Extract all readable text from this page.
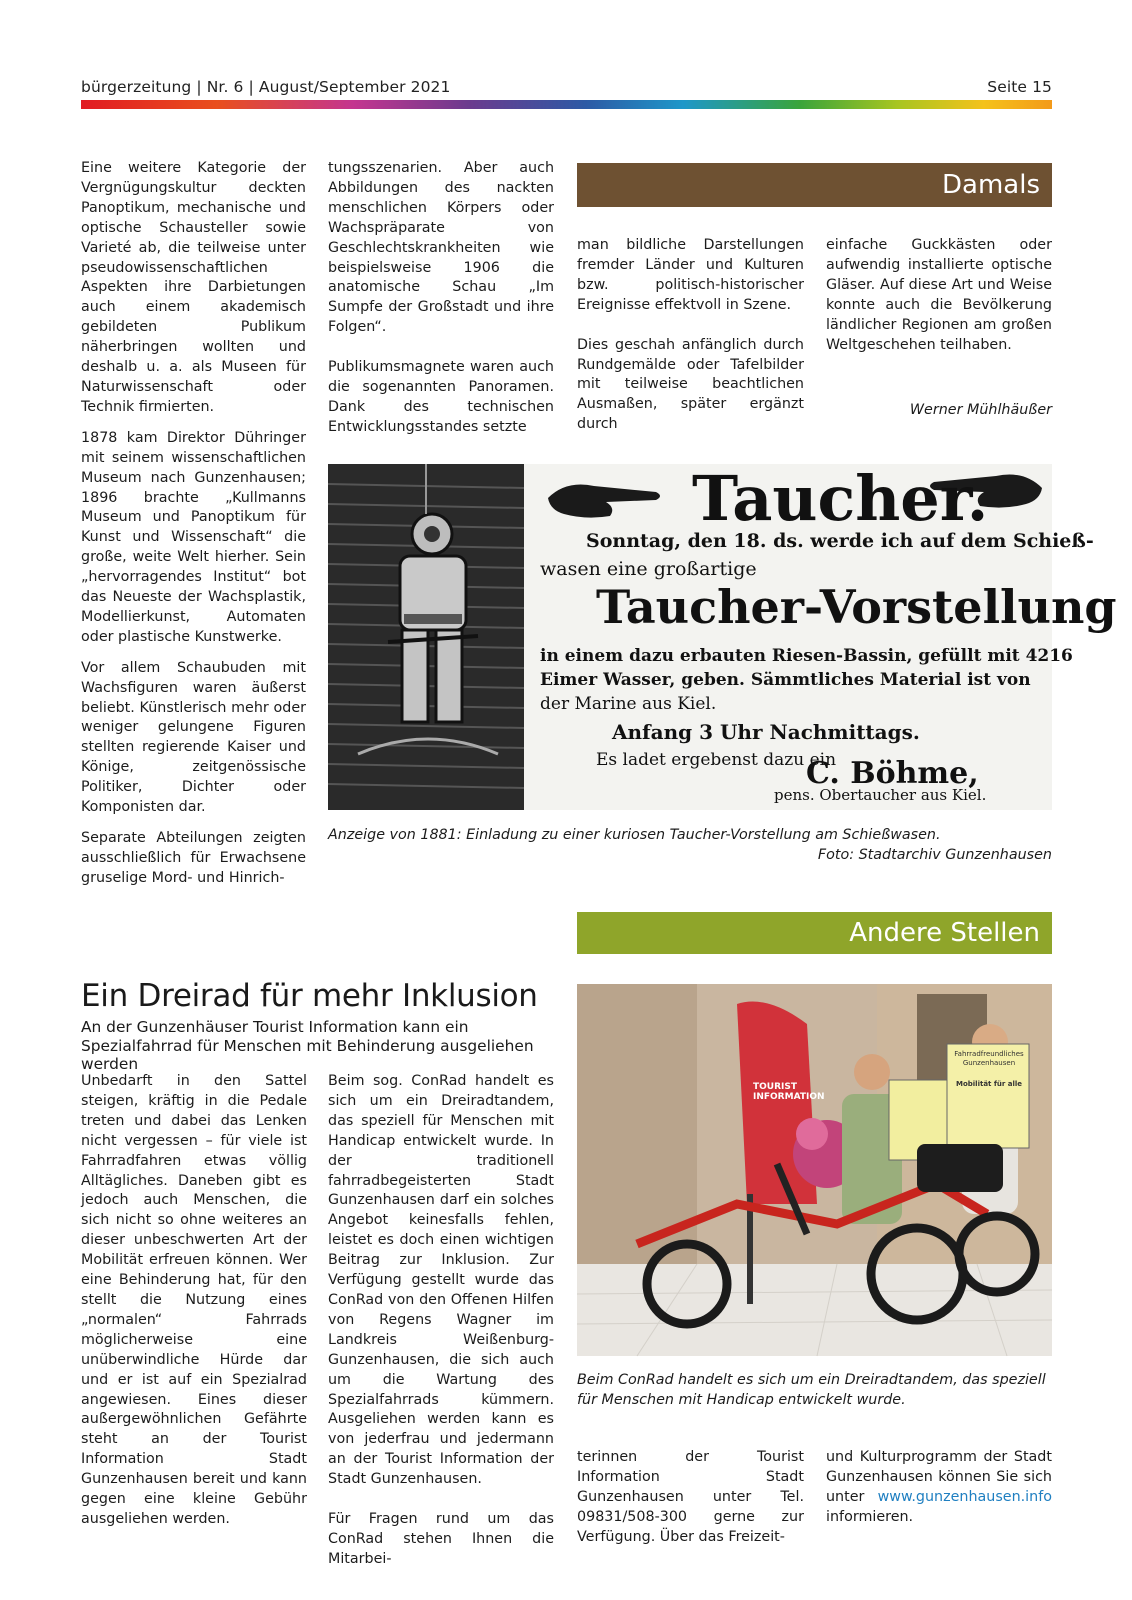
bürgerzeitung | Nr. 6 | August/September 2021	Seite 15

Eine weitere Kategorie der Vergnügungskultur deckten Panoptikum, mechanische und optische Schausteller sowie Varieté ab, die teilweise unter pseudowissenschaftlichen Aspekten ihre Darbietungen auch einem akademisch gebildeten Publikum näherbringen wollten und deshalb u. a. als Museen für Naturwissenschaft oder Technik firmierten.

1878 kam Direktor Dühringer mit seinem wissenschaftlichen Museum nach Gunzenhausen; 1896 brachte „Kullmanns Museum und Panoptikum für Kunst und Wissenschaft“ die große, weite Welt hierher. Sein „hervorragendes Institut“ bot das Neueste der Wachsplastik, Modellierkunst, Automaten oder plastische Kunstwerke.

Vor allem Schaubuden mit Wachsfiguren waren äußerst beliebt. Künstlerisch mehr oder weniger gelungene Figuren stellten regierende Kaiser und Könige, zeitgenössische Politiker, Dichter oder Komponisten dar.

Separate Abteilungen zeigten ausschließlich für Erwachsene gruselige Mord- und Hinrich-

tungsszenarien. Aber auch Abbildungen des nackten menschlichen Körpers oder Wachspräparate von Geschlechtskrankheiten wie beispielsweise 1906 die anatomische Schau „Im Sumpfe der Großstadt und ihre Folgen“.

Publikumsmagnete waren auch die sogenannten Panoramen. Dank des technischen Entwicklungsstandes setzte

Damals

man bildliche Darstellungen fremder Länder und Kulturen bzw. politisch-historischer Ereignisse effektvoll in Szene.

Dies geschah anfänglich durch Rundgemälde oder Tafelbilder mit teilweise beachtlichen Ausmaßen, später ergänzt durch

einfache Guckkästen oder aufwendig installierte optische Gläser. Auf diese Art und Weise konnte auch die Bevölkerung ländlicher Regionen am großen Weltgeschehen teilhaben.

Werner Mühlhäußer
Taucher.
Sonntag, den 18. ds. werde ich auf dem Schieß-
wasen eine großartige
Taucher-Vorstellung
in einem dazu erbauten Riesen-Bassin, gefüllt mit 4216
Eimer Wasser, geben. Sämmtliches Material ist von
der Marine aus Kiel.
Anfang 3 Uhr Nachmittags.
Es ladet ergebenst dazu ein
C. Böhme,
pens. Obertaucher aus Kiel.
Anzeige von 1881: Einladung zu einer kuriosen Taucher-Vorstellung am Schießwasen.
Foto: Stadtarchiv Gunzenhausen
Andere Stellen
Ein Dreirad für mehr Inklusion
An der Gunzenhäuser Tourist Information kann ein Spezialfahrrad für Menschen mit Behinderung ausgeliehen werden

Unbedarft in den Sattel steigen, kräftig in die Pedale treten und dabei das Lenken nicht vergessen – für viele ist Fahrradfahren etwas völlig Alltägliches. Daneben gibt es jedoch auch Menschen, die sich nicht so ohne weiteres an dieser unbeschwerten Art der Mobilität erfreuen können. Wer eine Behinderung hat, für den stellt die Nutzung eines „normalen“ Fahrrads möglicherweise eine unüberwindliche Hürde dar und er ist auf ein Spezialrad angewiesen. Eines dieser außergewöhnlichen Gefährte steht an der Tourist Information Stadt Gunzenhausen bereit und kann gegen eine kleine Gebühr ausgeliehen werden.

Beim sog. ConRad handelt es sich um ein Dreiradtandem, das speziell für Menschen mit Handicap entwickelt wurde. In der traditionell fahrradbegeisterten Stadt Gunzenhausen darf ein solches Angebot keinesfalls fehlen, leistet es doch einen wichtigen Beitrag zur Inklusion. Zur Verfügung gestellt wurde das ConRad von den Offenen Hilfen von Regens Wagner im Landkreis Weißenburg-Gunzenhausen, die sich auch um die Wartung des Spezialfahrrads kümmern. Ausgeliehen werden kann es von jederfrau und jedermann an der Tourist Information der Stadt Gunzenhausen.

Für Fragen rund um das ConRad stehen Ihnen die Mitarbei-

TOURIST INFORMATION
Fahrradfreundliches Gunzenhausen
Mobilität für alle
Beim ConRad handelt es sich um ein Dreiradtandem, das speziell für Menschen mit Handicap entwickelt wurde.

terinnen der Tourist Information Stadt Gunzenhausen unter Tel. 09831/508-300 gerne zur Verfügung. Über das Freizeit-

und Kulturprogramm der Stadt Gunzenhausen können Sie sich unter www.gunzenhausen.info informieren.
